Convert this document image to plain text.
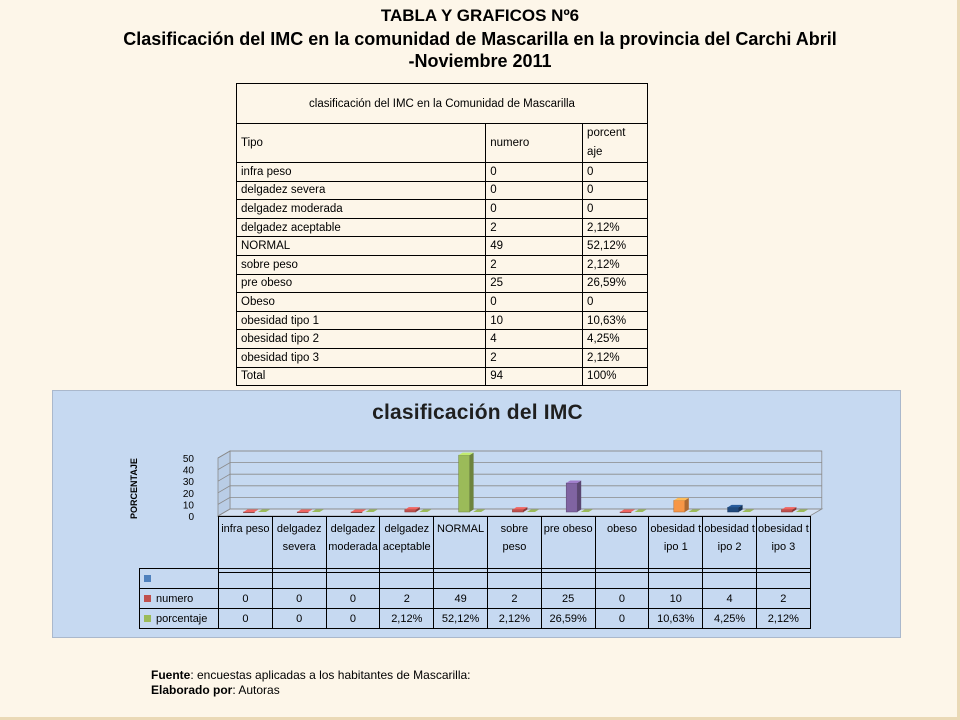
TABLA Y GRAFICOS Nº6
Clasificación del IMC en la comunidad de Mascarilla en la provincia del Carchi Abril
-Noviembre 2011
clasificación del IMC en la Comunidad de Mascarilla		
Tipo	numero	porcent aje
infra peso	0	0
delgadez severa	0	0
delgadez moderada	0	0
delgadez aceptable	2	2,12%
NORMAL	49	52,12%
sobre peso	2	2,12%
pre obeso	25	26,59%
Obeso	0	0
obesidad tipo 1	10	10,63%
obesidad tipo 2	4	4,25%
obesidad tipo 3	2	2,12%
Total	94	100%
clasificación del IMC
PORCENTAJE	0
10
20
30
40
50
infra peso	delgadez severa	delgadez moderada	delgadez aceptable	NORMAL	sobre peso	pre obeso	obeso	obesidad tipo 1	obesidad tipo 2	obesidad tipo 3

numero	0	0	0	2	49	2	25	0	10	4	2
porcentaje	0	0	0	2,12%	52,12%	2,12%	26,59%	0	10,63%	4,25%	2,12%
Fuente: encuestas aplicadas a los habitantes de Mascarilla:
Elaborado por: Autoras
